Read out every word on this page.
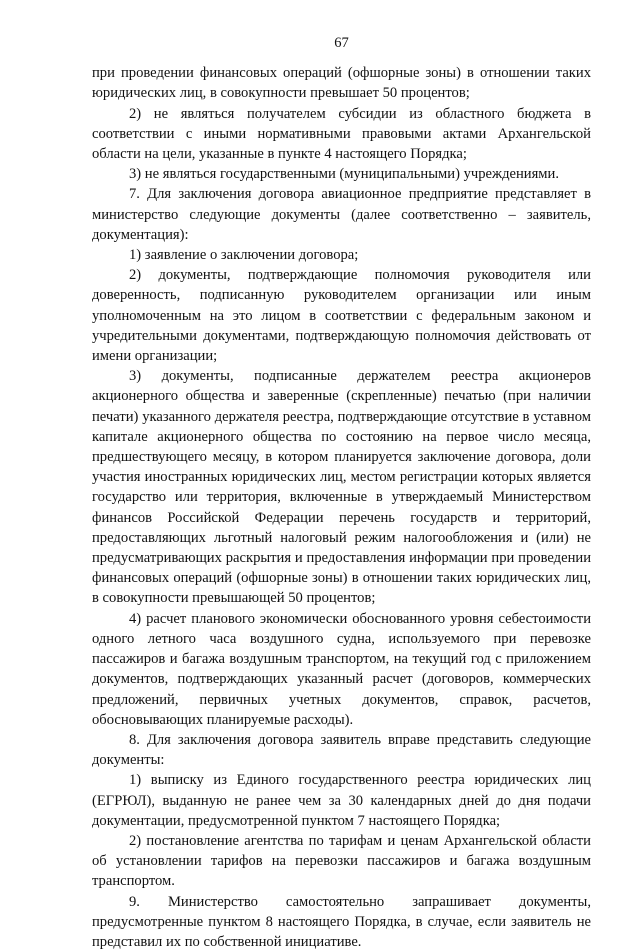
67

при проведении финансовых операций (офшорные зоны) в отношении таких юридических лиц, в совокупности превышает 50 процентов;

2) не являться получателем субсидии из областного бюджета в соответствии с иными нормативными правовыми актами Архангельской области на цели, указанные в пункте 4 настоящего Порядка;

3) не являться государственными (муниципальными) учреждениями.

7. Для заключения договора авиационное предприятие представляет в министерство следующие документы (далее соответственно – заявитель, документация):

1) заявление о заключении договора;

2) документы, подтверждающие полномочия руководителя или доверенность, подписанную руководителем организации или иным уполномоченным на это лицом в соответствии с федеральным законом и учредительными документами, подтверждающую полномочия действовать от имени организации;

3) документы, подписанные держателем реестра акционеров акционерного общества и заверенные (скрепленные) печатью (при наличии печати) указанного держателя реестра, подтверждающие отсутствие в уставном капитале акционерного общества по состоянию на первое число месяца, предшествующего месяцу, в котором планируется заключение договора, доли участия иностранных юридических лиц, местом регистрации которых является государство или территория, включенные в утверждаемый Министерством финансов Российской Федерации перечень государств и территорий, предоставляющих льготный налоговый режим налогообложения и (или) не предусматривающих раскрытия и предоставления информации при проведении финансовых операций (офшорные зоны) в отношении таких юридических лиц, в совокупности превышающей 50 процентов;

4) расчет планового экономически обоснованного уровня себестоимости одного летного часа воздушного судна, используемого при перевозке пассажиров и багажа воздушным транспортом, на текущий год с приложением документов, подтверждающих указанный расчет (договоров, коммерческих предложений, первичных учетных документов, справок, расчетов, обосновывающих планируемые расходы).

8. Для заключения договора заявитель вправе представить следующие документы:

1) выписку из Единого государственного реестра юридических лиц (ЕГРЮЛ), выданную не ранее чем за 30 календарных дней до дня подачи документации, предусмотренной пунктом 7 настоящего Порядка;

2) постановление агентства по тарифам и ценам Архангельской области об установлении тарифов на перевозки пассажиров и багажа воздушным транспортом.

9. Министерство самостоятельно запрашивает документы, предусмотренные пунктом 8 настоящего Порядка, в случае, если заявитель не представил их по собственной инициативе.
